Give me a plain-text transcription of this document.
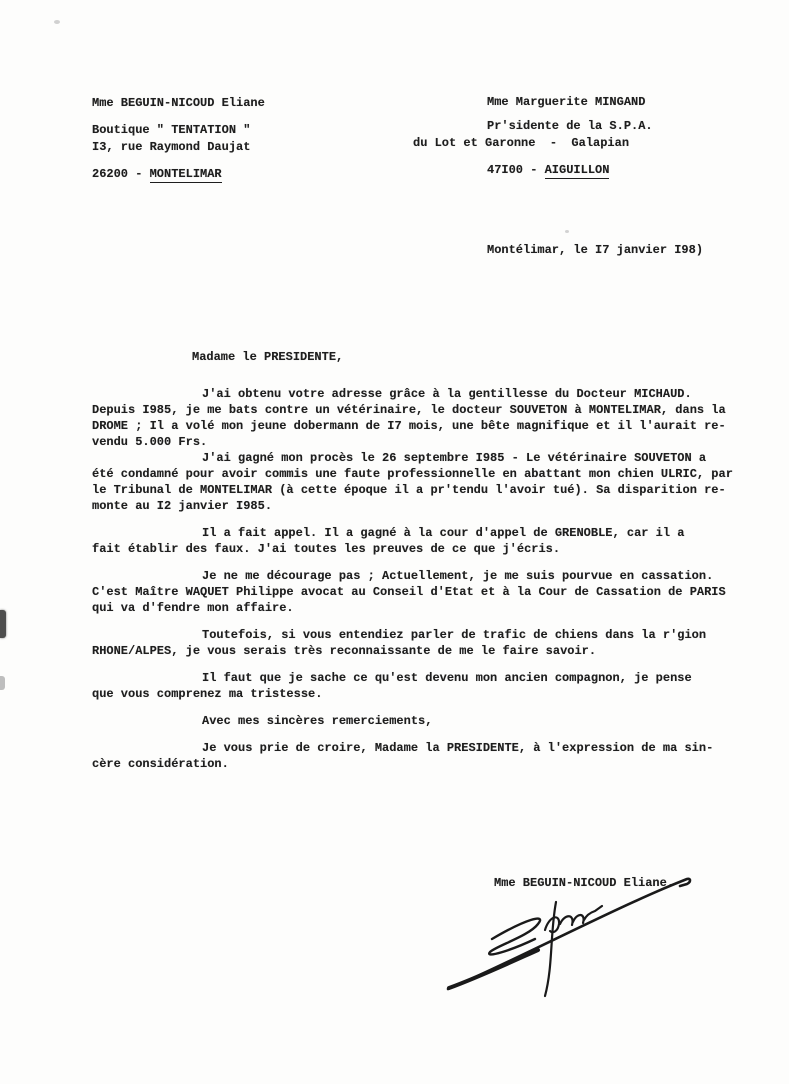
Mme BEGUIN-NICOUD Eliane
Boutique " TENTATION "
I3, rue Raymond Daujat
26200 - MONTELIMAR
Mme Marguerite MINGAND
Pr'sidente de la S.P.A.
du Lot et Garonne  -  Galapian
47I00 - AIGUILLON
Montélimar, le I7 janvier I98)
Madame le PRESIDENTE,
J'ai obtenu votre adresse grâce à la gentillesse du Docteur MICHAUD.
Depuis I985, je me bats contre un vétérinaire, le docteur SOUVETON à MONTELIMAR, dans la
DROME ; Il a volé mon jeune dobermann de I7 mois, une bête magnifique et il l'aurait re-
vendu 5.000 Frs.
J'ai gagné mon procès le 26 septembre I985 - Le vétérinaire SOUVETON a
été condamné pour avoir commis une faute professionnelle en abattant mon chien ULRIC, par
le Tribunal de MONTELIMAR (à cette époque il a pr'tendu l'avoir tué). Sa disparition re-
monte au I2 janvier I985.
Il a fait appel. Il a gagné à la cour d'appel de GRENOBLE, car il a
fait établir des faux. J'ai toutes les preuves de ce que j'écris.
Je ne me décourage pas ; Actuellement, je me suis pourvue en cassation.
C'est Maître WAQUET Philippe avocat au Conseil d'Etat et à la Cour de Cassation de PARIS
qui va d'fendre mon affaire.
Toutefois, si vous entendiez parler de trafic de chiens dans la r'gion
RHONE/ALPES, je vous serais très reconnaissante de me le faire savoir.
Il faut que je sache ce qu'est devenu mon ancien compagnon, je pense
que vous comprenez ma tristesse.
Avec mes sincères remerciements,
Je vous prie de croire, Madame la PRESIDENTE, à l'expression de ma sin-
cère considération.
Mme BEGUIN-NICOUD Eliane.
